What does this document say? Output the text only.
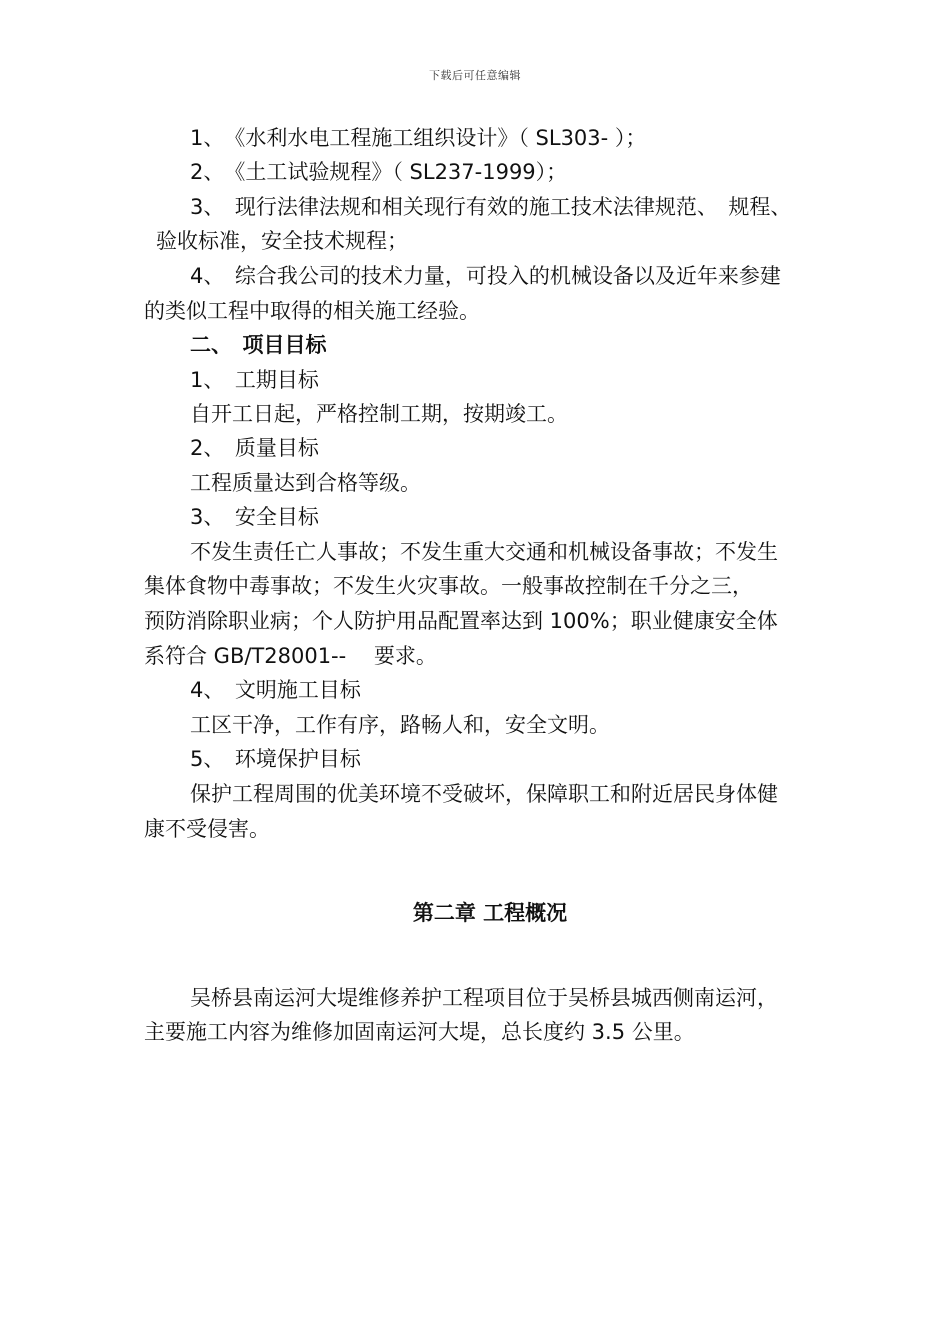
下载后可任意编辑
1、　《水利水电工程施工组织设计》（ SL303- ）；
2、　《土工试验规程》（ SL237-1999）；
3、　现行法律法规和相关现行有效的施工技术法律规范、　规程、
验收标准，安全技术规程；
4、　综合我公司的技术力量，可投入的机械设备以及近年来参建
的类似工程中取得的相关施工经验。
二、　项目目标
1、　工期目标
自开工日起，严格控制工期，按期竣工。
2、　质量目标
工程质量达到合格等级。
3、　安全目标
不发生责任亡人事故；不发生重大交通和机械设备事故；不发生
集体食物中毒事故；不发生火灾事故。一般事故控制在千分之三，
预防消除职业病；个人防护用品配置率达到 100%；职业健康安全体
系符合 GB/T28001--　 要求。
4、　文明施工目标
工区干净，工作有序，路畅人和，安全文明。
5、　环境保护目标
保护工程周围的优美环境不受破坏，保障职工和附近居民身体健
康不受侵害。
第二章 工程概况
吴桥县南运河大堤维修养护工程项目位于吴桥县城西侧南运河，
主要施工内容为维修加固南运河大堤，总长度约 3.5 公里。
